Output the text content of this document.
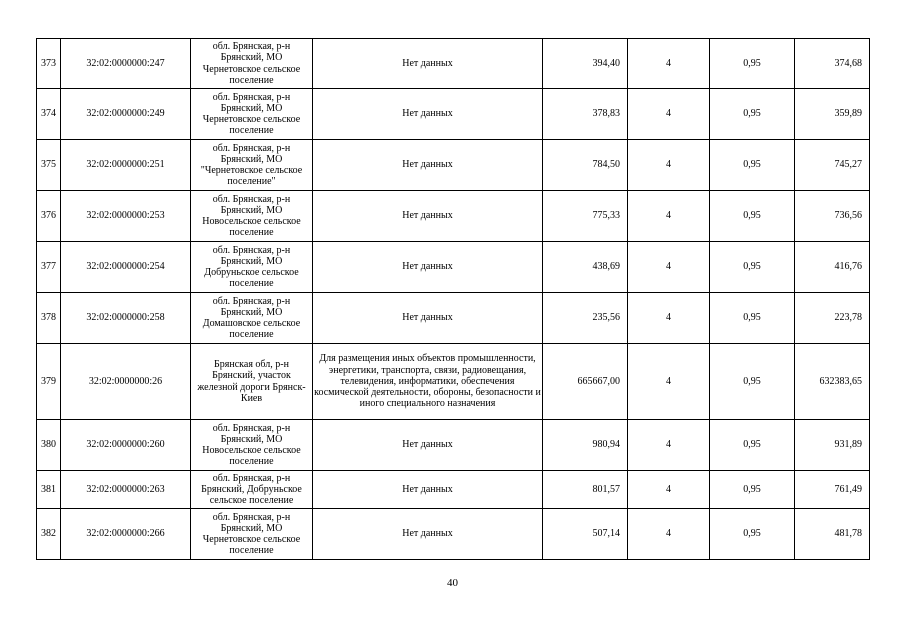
373	32:02:0000000:247	обл. Брянская, р-н Брянский, МО Чернетовское сельское поселение	Нет данных	394,40	4	0,95	374,68
374	32:02:0000000:249	обл. Брянская, р-н Брянский, МО Чернетовское сельское поселение	Нет данных	378,83	4	0,95	359,89
375	32:02:0000000:251	обл. Брянская, р-н Брянский, МО "Чернетовское сельское поселение"	Нет данных	784,50	4	0,95	745,27
376	32:02:0000000:253	обл. Брянская, р-н Брянский, МО Новосельское сельское поселение	Нет данных	775,33	4	0,95	736,56
377	32:02:0000000:254	обл. Брянская, р-н Брянский, МО Добруньское сельское поселение	Нет данных	438,69	4	0,95	416,76
378	32:02:0000000:258	обл. Брянская, р-н Брянский, МО Домашовское сельское поселение	Нет данных	235,56	4	0,95	223,78
379	32:02:0000000:26	Брянская обл, р-н Брянский, участок железной дороги Брянск-Киев	Для размещения иных объектов промышленности, энергетики, транспорта, связи, радиовещания, телевидения, информатики, обеспечения космической деятельности, обороны, безопасности и иного специального назначения	665667,00	4	0,95	632383,65
380	32:02:0000000:260	обл. Брянская, р-н Брянский, МО Новосельское сельское поселение	Нет данных	980,94	4	0,95	931,89
381	32:02:0000000:263	обл. Брянская, р-н Брянский, Добруньское сельское поселение	Нет данных	801,57	4	0,95	761,49
382	32:02:0000000:266	обл. Брянская, р-н Брянский, МО Чернетовское сельское поселение	Нет данных	507,14	4	0,95	481,78
40
